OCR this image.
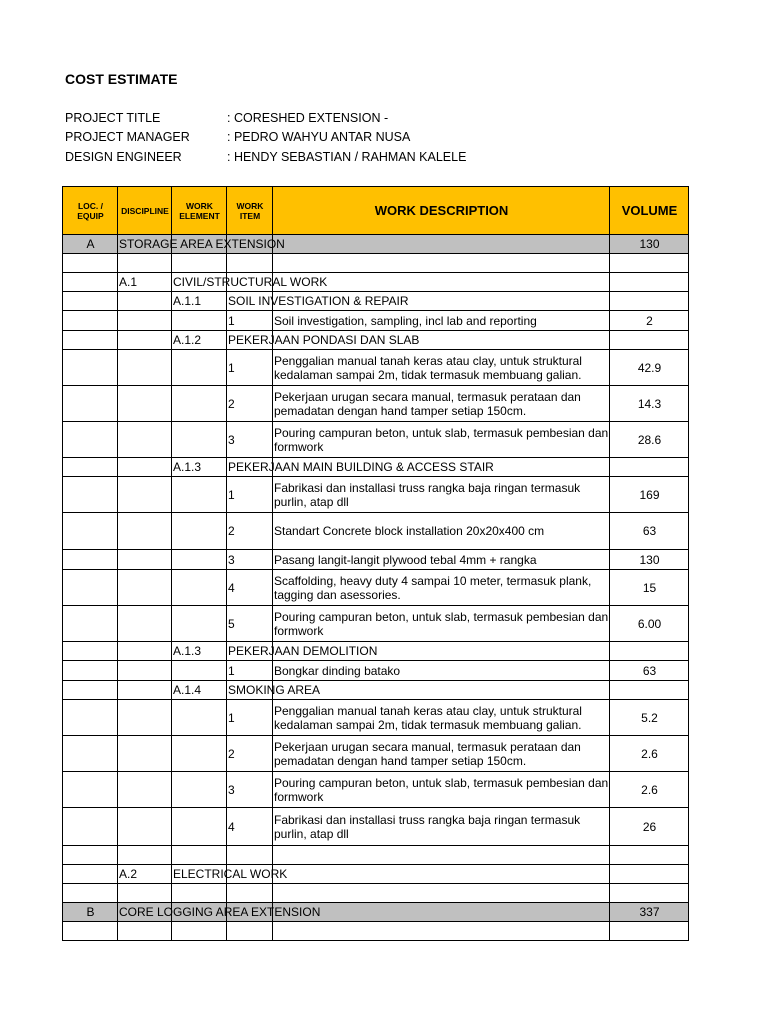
COST ESTIMATE
PROJECT TITLE	: CORESHED EXTENSION -
PROJECT MANAGER	: PEDRO WAHYU ANTAR NUSA
DESIGN ENGINEER	: HENDY SEBASTIAN / RAHMAN KALELE
LOC. / EQUIP	DISCIPLINE	WORK ELEMENT	WORK ITEM	WORK DESCRIPTION	VOLUME
A	STORAGE AREA EXTENSION				130

	A.1	CIVIL/STRUCTURAL WORK			
		A.1.1	SOIL INVESTIGATION & REPAIR		
			1	Soil investigation, sampling, incl lab and reporting	2
		A.1.2	PEKERJAAN PONDASI DAN SLAB		
			1	Penggalian manual tanah keras atau clay, untuk struktural kedalaman sampai 2m, tidak termasuk membuang galian.	42.9
			2	Pekerjaan urugan secara manual, termasuk perataan dan pemadatan dengan hand tamper setiap 150cm.	14.3
			3	Pouring campuran beton, untuk slab, termasuk pembesian dan formwork	28.6
		A.1.3	PEKERJAAN MAIN BUILDING & ACCESS STAIR		
			1	Fabrikasi dan installasi truss rangka baja ringan termasuk purlin, atap dll	169
			2	Standart Concrete block installation 20x20x400 cm	63
			3	Pasang langit-langit plywood tebal 4mm + rangka	130
			4	Scaffolding, heavy duty 4 sampai 10 meter, termasuk plank, tagging dan asessories.	15
			5	Pouring campuran beton, untuk slab, termasuk pembesian dan formwork	6.00
		A.1.3	PEKERJAAN DEMOLITION		
			1	Bongkar dinding batako	63
		A.1.4	SMOKING AREA		
			1	Penggalian manual tanah keras atau clay, untuk struktural kedalaman sampai 2m, tidak termasuk membuang galian.	5.2
			2	Pekerjaan urugan secara manual, termasuk perataan dan pemadatan dengan hand tamper setiap 150cm.	2.6
			3	Pouring campuran beton, untuk slab, termasuk pembesian dan formwork	2.6
			4	Fabrikasi dan installasi truss rangka baja ringan termasuk purlin, atap dll	26

	A.2	ELECTRICAL WORK			

B	CORE LOGGING AREA EXTENSION				337
